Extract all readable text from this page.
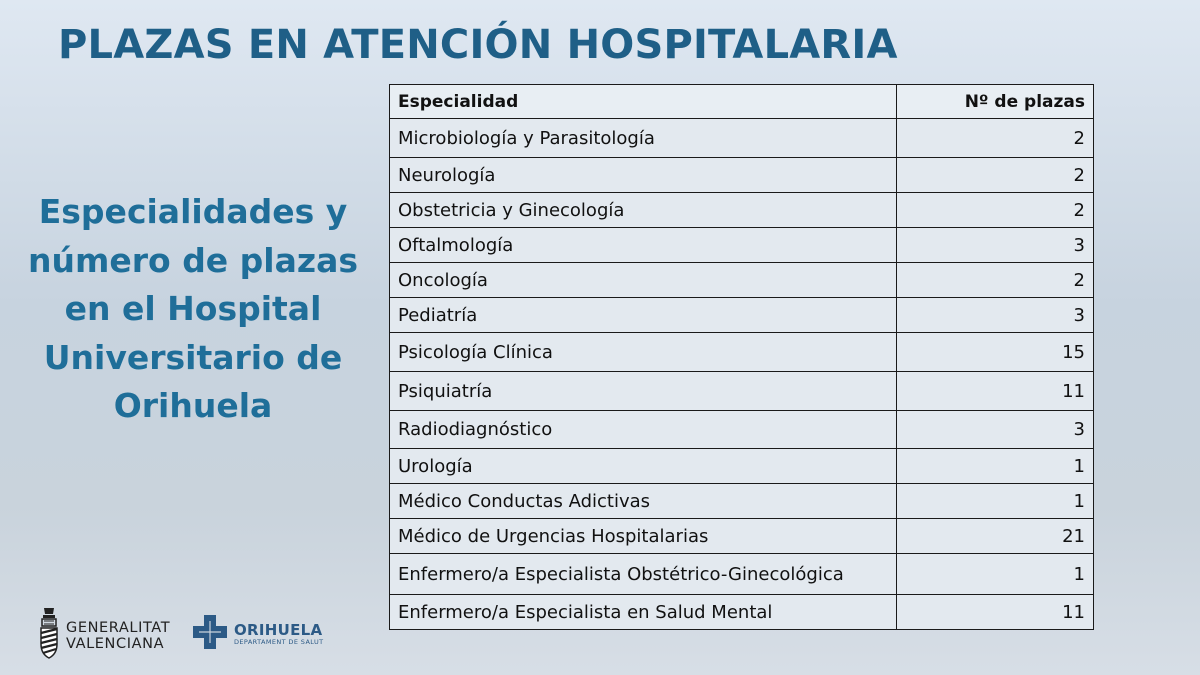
PLAZAS EN ATENCIÓN HOSPITALARIA
Especialidades y número de plazas en el Hospital Universitario de Orihuela
Especialidad	Nº de plazas
Microbiología y Parasitología	2
Neurología	2
Obstetricia y Ginecología	2
Oftalmología	3
Oncología	2
Pediatría	3
Psicología Clínica	15
Psiquiatría	11
Radiodiagnóstico	3
Urología	1
Médico Conductas Adictivas	1
Médico de Urgencias Hospitalarias	21
Enfermero/a Especialista Obstétrico-Ginecológica	1
Enfermero/a Especialista en Salud Mental	11
GENERALITAT
VALENCIANA
ORIHUELA
DEPARTAMENT DE SALUT
